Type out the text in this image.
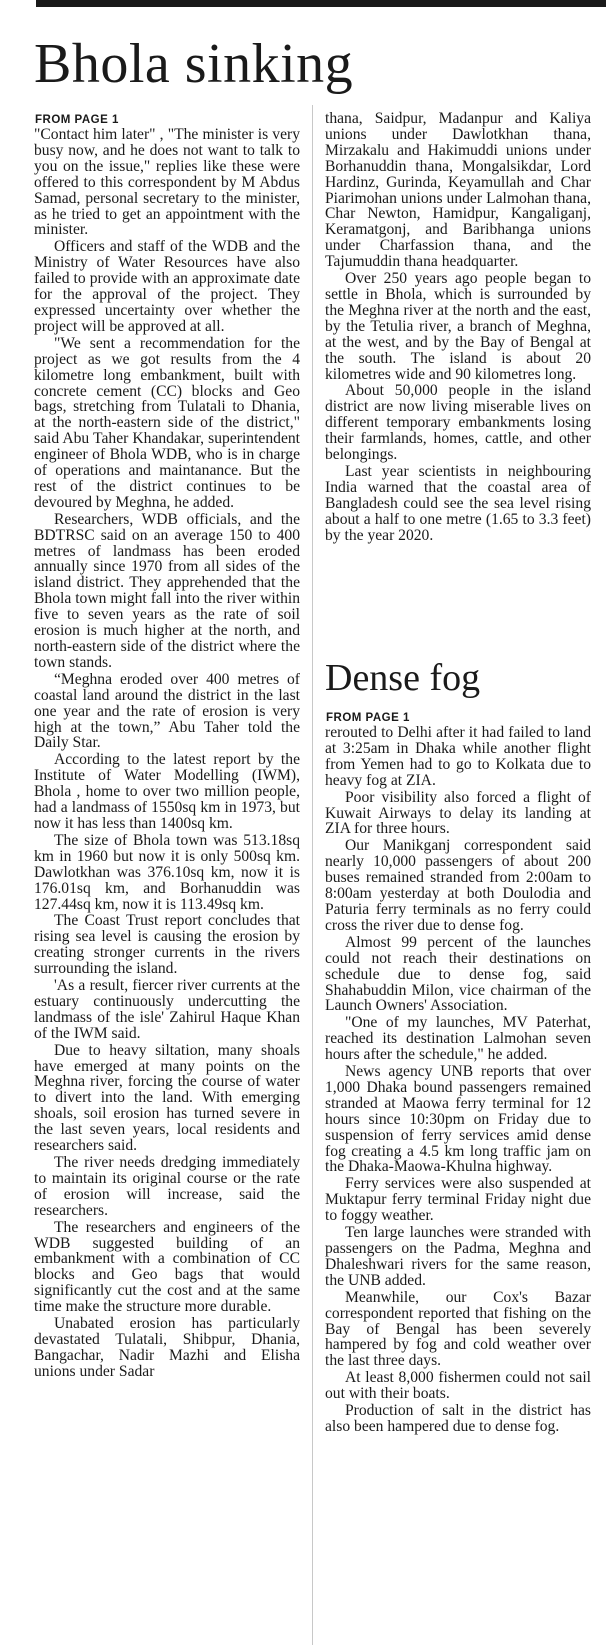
Bhola sinking
FROM PAGE 1

"Contact him later" , "The minister is very busy now, and he does not want to talk to you on the issue," replies like these were offered to this correspondent by M Abdus Samad, personal secretary to the minister, as he tried to get an appointment with the minister.

Officers and staff of the WDB and the Ministry of Water Resources have also failed to provide with an approximate date for the approval of the project. They expressed uncertainty over whether the project will be approved at all.

"We sent a recommendation for the project as we got results from the 4 kilometre long embankment, built with concrete cement (CC) blocks and Geo bags, stretching from Tulatali to Dhania, at the north-eastern side of the district," said Abu Taher Khandakar, superintendent engineer of Bhola WDB, who is in charge of operations and maintanance. But the rest of the district continues to be devoured by Meghna, he added.

Researchers, WDB officials, and the BDTRSC said on an average 150 to 400 metres of landmass has been eroded annually since 1970 from all sides of the island district. They apprehended that the Bhola town might fall into the river within five to seven years as the rate of soil erosion is much higher at the north, and north-eastern side of the district where the town stands.

“Meghna eroded over 400 metres of coastal land around the district in the last one year and the rate of erosion is very high at the town,” Abu Taher told the Daily Star.

According to the latest report by the Institute of Water Modelling (IWM), Bhola , home to over two million people, had a landmass of 1550sq km in 1973, but now it has less than 1400sq km.

The size of Bhola town was 513.18sq km in 1960 but now it is only 500sq km. Dawlotkhan was 376.10sq km, now it is 176.01sq km, and Borhanuddin was 127.44sq km, now it is 113.49sq km.

The Coast Trust report concludes that rising sea level is causing the erosion by creating stronger currents in the rivers surrounding the island.

'As a result, fiercer river currents at the estuary continuously undercutting the landmass of the isle' Zahirul Haque Khan of the IWM said.

Due to heavy siltation, many shoals have emerged at many points on the Meghna river, forcing the course of water to divert into the land. With emerging shoals, soil erosion has turned severe in the last seven years, local residents and researchers said.

The river needs dredging immediately to maintain its original course or the rate of erosion will increase, said the researchers.

The researchers and engineers of the WDB suggested building of an embankment with a combination of CC blocks and Geo bags that would significantly cut the cost and at the same time make the structure more durable.

Unabated erosion has particularly devastated Tulatali, Shibpur, Dhania, Bangachar, Nadir Mazhi and Elisha unions under Sadar

thana, Saidpur, Madanpur and Kaliya unions under Dawlotkhan thana, Mirzakalu and Hakimuddi unions under Borhanuddin thana, Mongalsikdar, Lord Hardinz, Gurinda, Keyamullah and Char Piarimohan unions under Lalmohan thana, Char Newton, Hamidpur, Kangaliganj, Keramatgonj, and Baribhanga unions under Charfassion thana, and the Tajumuddin thana headquarter.

Over 250 years ago people began to settle in Bhola, which is surrounded by the Meghna river at the north and the east, by the Tetulia river, a branch of Meghna, at the west, and by the Bay of Bengal at the south. The island is about 20 kilometres wide and 90 kilometres long.

About 50,000 people in the island district are now living miserable lives on different temporary embankments losing their farmlands, homes, cattle, and other belongings.

Last year scientists in neighbouring India warned that the coastal area of Bangladesh could see the sea level rising about a half to one metre (1.65 to 3.3 feet) by the year 2020.

Dense fog
FROM PAGE 1

rerouted to Delhi after it had failed to land at 3:25am in Dhaka while another flight from Yemen had to go to Kolkata due to heavy fog at ZIA.

Poor visibility also forced a flight of Kuwait Airways to delay its landing at ZIA for three hours.

Our Manikganj correspondent said nearly 10,000 passengers of about 200 buses remained stranded from 2:00am to 8:00am yesterday at both Doulodia and Paturia ferry terminals as no ferry could cross the river due to dense fog.

Almost 99 percent of the launches could not reach their destinations on schedule due to dense fog, said Shahabuddin Milon, vice chairman of the Launch Owners' Association.

"One of my launches, MV Paterhat, reached its destination Lalmohan seven hours after the schedule," he added.

News agency UNB reports that over 1,000 Dhaka bound passengers remained stranded at Maowa ferry terminal for 12 hours since 10:30pm on Friday due to suspension of ferry services amid dense fog creating a 4.5 km long traffic jam on the Dhaka-Maowa-Khulna highway.

Ferry services were also suspended at Muktapur ferry terminal Friday night due to foggy weather.

Ten large launches were stranded with passengers on the Padma, Meghna and Dhaleshwari rivers for the same reason, the UNB added.

Meanwhile, our Cox's Bazar correspondent reported that fishing on the Bay of Bengal has been severely hampered by fog and cold weather over the last three days.

At least 8,000 fishermen could not sail out with their boats.

Production of salt in the district has also been hampered due to dense fog.
